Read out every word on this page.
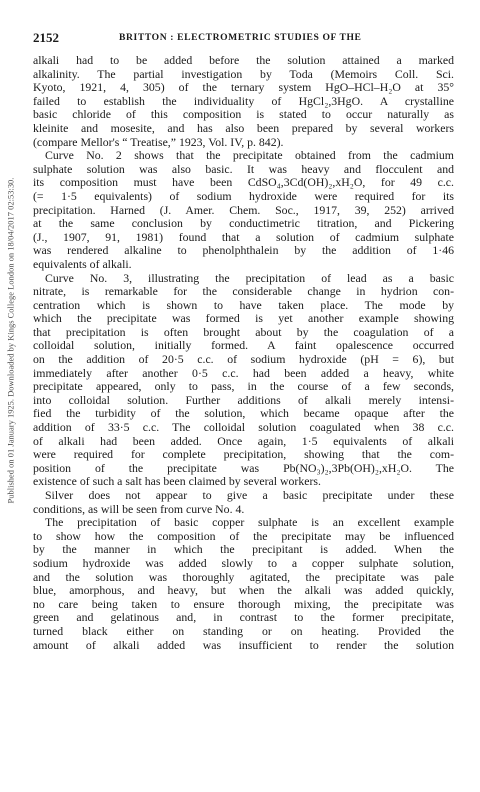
Published on 01 January 1925. Downloaded by Kings College London on 18/04/2017 02:53:30.
2152	BRITTON : ELECTROMETRIC STUDIES OF THE
alkali had to be added before the solution attained a marked
alkalinity. The partial investigation by Toda (Memoirs Coll. Sci.
Kyoto, 1921, 4, 305) of the ternary system HgO–HCl–H₂O at 35°
failed to establish the individuality of HgCl₂,3HgO. A crystalline
basic chloride of this composition is stated to occur naturally as
kleinite and mosesite, and has also been prepared by several workers
(compare Mellor's “ Treatise,” 1923, Vol. IV, p. 842).
Curve No. 2 shows that the precipitate obtained from the cadmium
sulphate solution was also basic. It was heavy and flocculent and
its composition must have been CdSO₄,3Cd(OH)₂,xH₂O, for 49 c.c.
(= 1·5 equivalents) of sodium hydroxide were required for its
precipitation. Harned (J. Amer. Chem. Soc., 1917, 39, 252) arrived
at the same conclusion by conductimetric titration, and Pickering
(J., 1907, 91, 1981) found that a solution of cadmium sulphate
was rendered alkaline to phenolphthalein by the addition of 1·46
equivalents of alkali.
Curve No. 3, illustrating the precipitation of lead as a basic
nitrate, is remarkable for the considerable change in hydrion con-
centration which is shown to have taken place. The mode by
which the precipitate was formed is yet another example showing
that precipitation is often brought about by the coagulation of a
colloidal solution, initially formed. A faint opalescence occurred
on the addition of 20·5 c.c. of sodium hydroxide (pH = 6), but
immediately after another 0·5 c.c. had been added a heavy, white
precipitate appeared, only to pass, in the course of a few seconds,
into colloidal solution. Further additions of alkali merely intensi-
fied the turbidity of the solution, which became opaque after the
addition of 33·5 c.c. The colloidal solution coagulated when 38 c.c.
of alkali had been added. Once again, 1·5 equivalents of alkali
were required for complete precipitation, showing that the com-
position of the precipitate was Pb(NO₃)₂,3Pb(OH)₂,xH₂O. The
existence of such a salt has been claimed by several workers.
Silver does not appear to give a basic precipitate under these
conditions, as will be seen from curve No. 4.
The precipitation of basic copper sulphate is an excellent example
to show how the composition of the precipitate may be influenced
by the manner in which the precipitant is added. When the
sodium hydroxide was added slowly to a copper sulphate solution,
and the solution was thoroughly agitated, the precipitate was pale
blue, amorphous, and heavy, but when the alkali was added quickly,
no care being taken to ensure thorough mixing, the precipitate was
green and gelatinous and, in contrast to the former precipitate,
turned black either on standing or on heating. Provided the
amount of alkali added was insufficient to render the solution
